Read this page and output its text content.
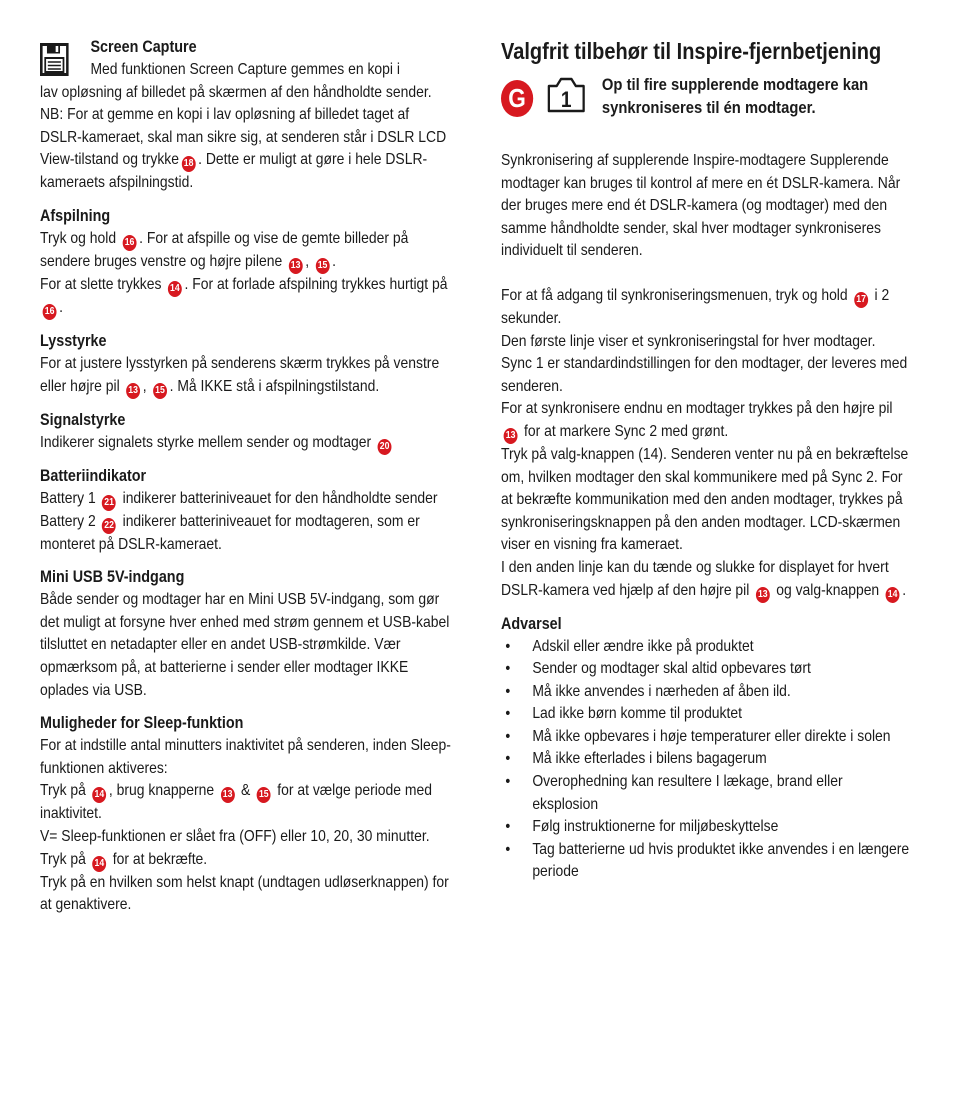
Screen Capture

Med funktionen Screen Capture gemmes en kopi i

lav opløsning af billedet på skærmen af den håndholdte sender.

NB: For at gemme en kopi i lav opløsning af billedet taget af DSLR-kameraet, skal man sikre sig, at senderen står i DSLR LCD View-tilstand og trykke 18 . Dette er muligt at gøre i hele DSLR-kameraets afspilningstid.

Afspilning

Tryk og hold 16 . For at afspille og vise de gemte billeder på sendere bruges venstre og højre pilene 13 , 15 .

For at slette trykkes 14 . For at forlade afspilning trykkes hurtigt på 16 .

Lysstyrke

For at justere lysstyrken på senderens skærm trykkes på venstre eller højre pil 13 , 15 . Må IKKE stå i afspilningstilstand.

Signalstyrke

Indikerer signalets styrke mellem sender og modtager 20

Batteriindikator

Battery 1 21 indikerer batteriniveauet for den håndholdte sender

Battery 2 22 indikerer batteriniveauet for modtageren, som er monteret på DSLR-kameraet.

Mini USB 5V-indgang

Både sender og modtager har en Mini USB 5V-indgang, som gør det muligt at forsyne hver enhed med strøm gennem et USB-kabel tilsluttet en netadapter eller en andet USB-strømkilde. Vær opmærksom på, at batterierne i sender eller modtager IKKE oplades via USB.

Muligheder for Sleep-funktion

For at indstille antal minutters inaktivitet på senderen, inden Sleep-funktionen aktiveres:

Tryk på 14 , brug knapperne 13 & 15 for at vælge periode med inaktivitet.

V= Sleep-funktionen er slået fra (OFF) eller 10, 20, 30 minutter.

Tryk på 14 for at bekræfte.

Tryk på en hvilken som helst knapt (undtagen udløserknappen) for at genaktivere.

Valgfrit tilbehør til Inspire-fjernbetjening
G	1
Op til fire supplerende modtagere kan
synkroniseres til én modtager.

Synkronisering af supplerende Inspire-modtagere Supplerende modtager kan bruges til kontrol af mere en ét DSLR-kamera. Når der bruges mere end ét DSLR-kamera (og modtager) med den samme håndholdte sender, skal hver modtager synkroniseres individuelt til senderen.

For at få adgang til synkroniseringsmenuen, tryk og hold 17 i 2 sekunder.

Den første linje viser et synkroniseringstal for hver modtager. Sync 1 er standardindstillingen for den modtager, der leveres med senderen.

For at synkronisere endnu en modtager trykkes på den højre pil 13 for at markere Sync 2 med grønt.

Tryk på valg-knappen (14). Senderen venter nu på en bekræftelse om, hvilken modtager den skal kommunikere med på Sync 2. For at bekræfte kommunikation med den anden modtager, trykkes på synkroniseringsknappen på den anden modtager. LCD-skærmen viser en visning fra kameraet.

I den anden linje kan du tænde og slukke for displayet for hvert DSLR-kamera ved hjælp af den højre pil 13 og valg-knappen 14 .

Advarsel
• Adskil eller ændre ikke på produktet
• Sender og modtager skal altid opbevares tørt
• Må ikke anvendes i nærheden af åben ild.
• Lad ikke børn komme til produktet
• Må ikke opbevares i høje temperaturer eller direkte i solen
• Må ikke efterlades i bilens bagagerum
• Overophedning kan resultere I lækage, brand eller eksplosion
• Følg instruktionerne for miljøbeskyttelse
• Tag batterierne ud hvis produktet ikke anvendes i en længere periode
